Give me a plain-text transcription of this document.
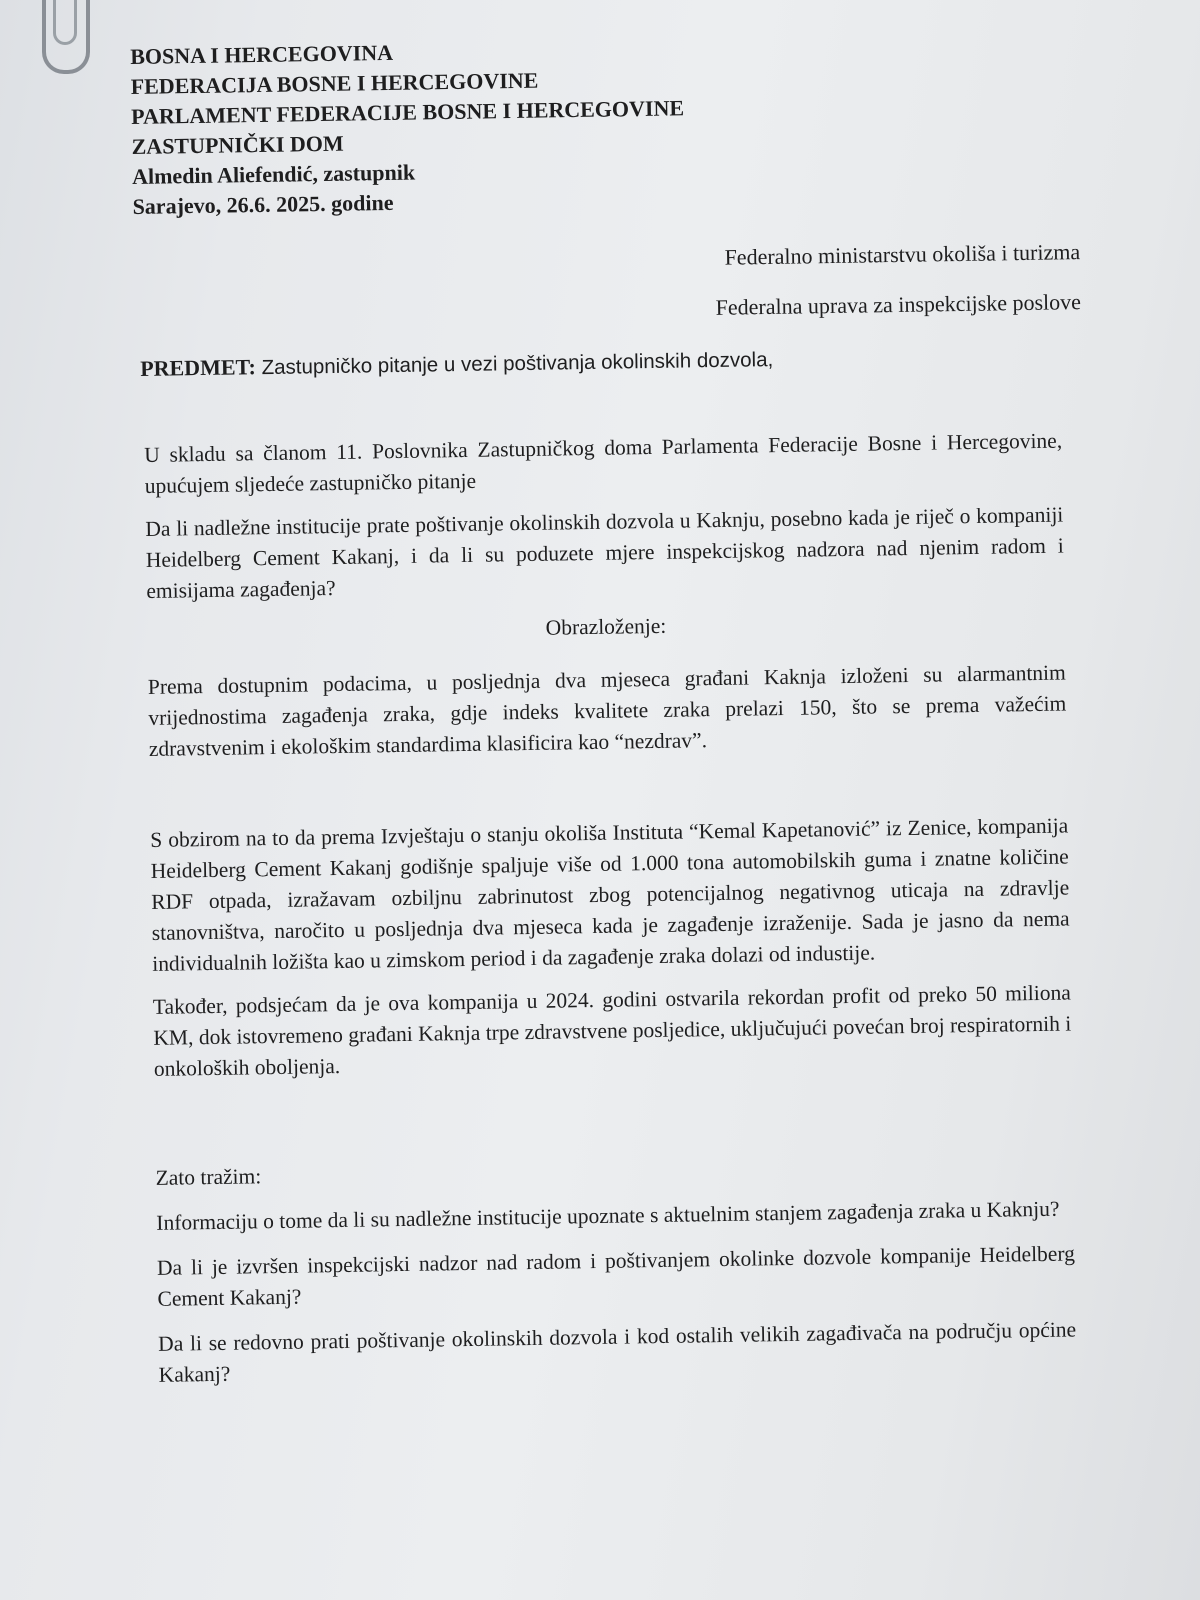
BOSNA I HERCEGOVINA
FEDERACIJA BOSNE I HERCEGOVINE
PARLAMENT FEDERACIJE BOSNE I HERCEGOVINE
ZASTUPNIČKI DOM
Almedin Aliefendić, zastupnik
Sarajevo, 26.6. 2025. godine
Federalno ministarstvu okoliša i turizma
Federalna uprava za inspekcijske poslove
PREDMET: Zastupničko pitanje u vezi poštivanja okolinskih dozvola,

U skladu sa članom 11. Poslovnika Zastupničkog doma Parlamenta Federacije Bosne i Hercegovine, upućujem sljedeće zastupničko pitanje

Da li nadležne institucije prate poštivanje okolinskih dozvola u Kaknju, posebno kada je riječ o kompaniji Heidelberg Cement Kakanj, i da li su poduzete mjere inspekcijskog nadzora nad njenim radom i emisijama zagađenja?

Obrazloženje:

Prema dostupnim podacima, u posljednja dva mjeseca građani Kaknja izloženi su alarmantnim vrijednostima zagađenja zraka, gdje indeks kvalitete zraka prelazi 150, što se prema važećim zdravstvenim i ekološkim standardima klasificira kao “nezdrav”.

S obzirom na to da prema Izvještaju o stanju okoliša Instituta “Kemal Kapetanović” iz Zenice, kompanija Heidelberg Cement Kakanj godišnje spaljuje više od 1.000 tona automobilskih guma i znatne količine RDF otpada, izražavam ozbiljnu zabrinutost zbog potencijalnog negativnog uticaja na zdravlje stanovništva, naročito u posljednja dva mjeseca kada je zagađenje izraženije. Sada je jasno da nema individualnih ložišta kao u zimskom period i da zagađenje zraka dolazi od industije.

Također, podsjećam da je ova kompanija u 2024. godini ostvarila rekordan profit od preko 50 miliona KM, dok istovremeno građani Kaknja trpe zdravstvene posljedice, uključujući povećan broj respiratornih i onkoloških oboljenja.

Zato tražim:

Informaciju o tome da li su nadležne institucije upoznate s aktuelnim stanjem zagađenja zraka u Kaknju?

Da li je izvršen inspekcijski nadzor nad radom i poštivanjem okolinke dozvole kompanije Heidelberg Cement Kakanj?

Da li se redovno prati poštivanje okolinskih dozvola i kod ostalih velikih zagađivača na području općine Kakanj?
